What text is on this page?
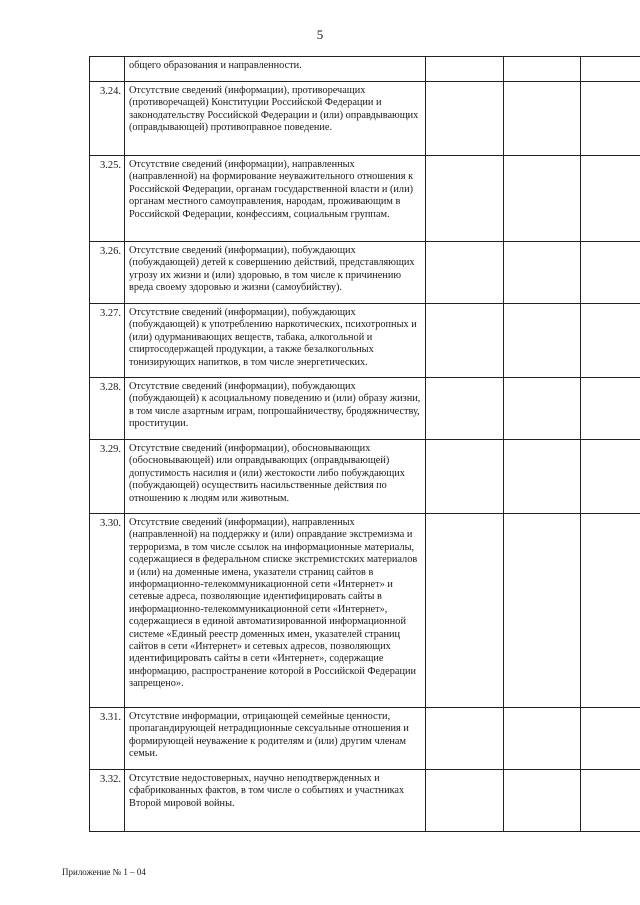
5
	общего образования и направленности.			
3.24.	Отсутствие сведений (информации), противоречащих (противоречащей) Конституции Российской Федерации и законодательству Российской Федерации и (или) оправдывающих (оправдывающей) противоправное поведение.			
3.25.	Отсутствие сведений (информации), направленных (направленной) на формирование неуважительного отношения к Российской Федерации, органам государственной власти и (или) органам местного самоуправления, народам, проживающим в Российской Федерации, конфессиям, социальным группам.			
3.26.	Отсутствие сведений (информации), побуждающих (побуждающей) детей к совершению действий, представляющих угрозу их жизни и (или) здоровью, в том числе к причинению вреда своему здоровью и жизни (самоубийству).			
3.27.	Отсутствие сведений (информации), побуждающих (побуждающей) к употреблению наркотических, психотропных и (или) одурманивающих веществ, табака, алкогольной и спиртосодержащей продукции, а также безалкогольных тонизирующих напитков, в том числе энергетических.			
3.28.	Отсутствие сведений (информации), побуждающих (побуждающей) к асоциальному поведению и (или) образу жизни, в том числе азартным играм, попрошайничеству, бродяжничеству, проституции.			
3.29.	Отсутствие сведений (информации), обосновывающих (обосновывающей) или оправдывающих (оправдывающей) допустимость насилия и (или) жестокости либо побуждающих (побуждающей) осуществить насильственные действия по отношению к людям или животным.			
3.30.	Отсутствие сведений (информации), направленных (направленной) на поддержку и (или) оправдание экстремизма и терроризма, в том числе ссылок на информационные материалы, содержащиеся в федеральном списке экстремистских материалов и (или) на доменные имена, указатели страниц сайтов в информационно-телекоммуникационной сети «Интернет» и сетевые адреса, позволяющие идентифицировать сайты в информационно-телекоммуникационной сети «Интернет», содержащиеся в единой автоматизированной информационной системе «Единый реестр доменных имен, указателей страниц сайтов в сети «Интернет» и сетевых адресов, позволяющих идентифицировать сайты в сети «Интернет», содержащие информацию, распространение которой в Российской Федерации запрещено».			
3.31.	Отсутствие информации, отрицающей семейные ценности, пропагандирующей нетрадиционные сексуальные отношения и формирующей неуважение к родителям и (или) другим членам семьи.			
3.32.	Отсутствие недостоверных, научно неподтвержденных и сфабрикованных фактов, в том числе о событиях и участниках Второй мировой войны.			
Приложение № 1 – 04
